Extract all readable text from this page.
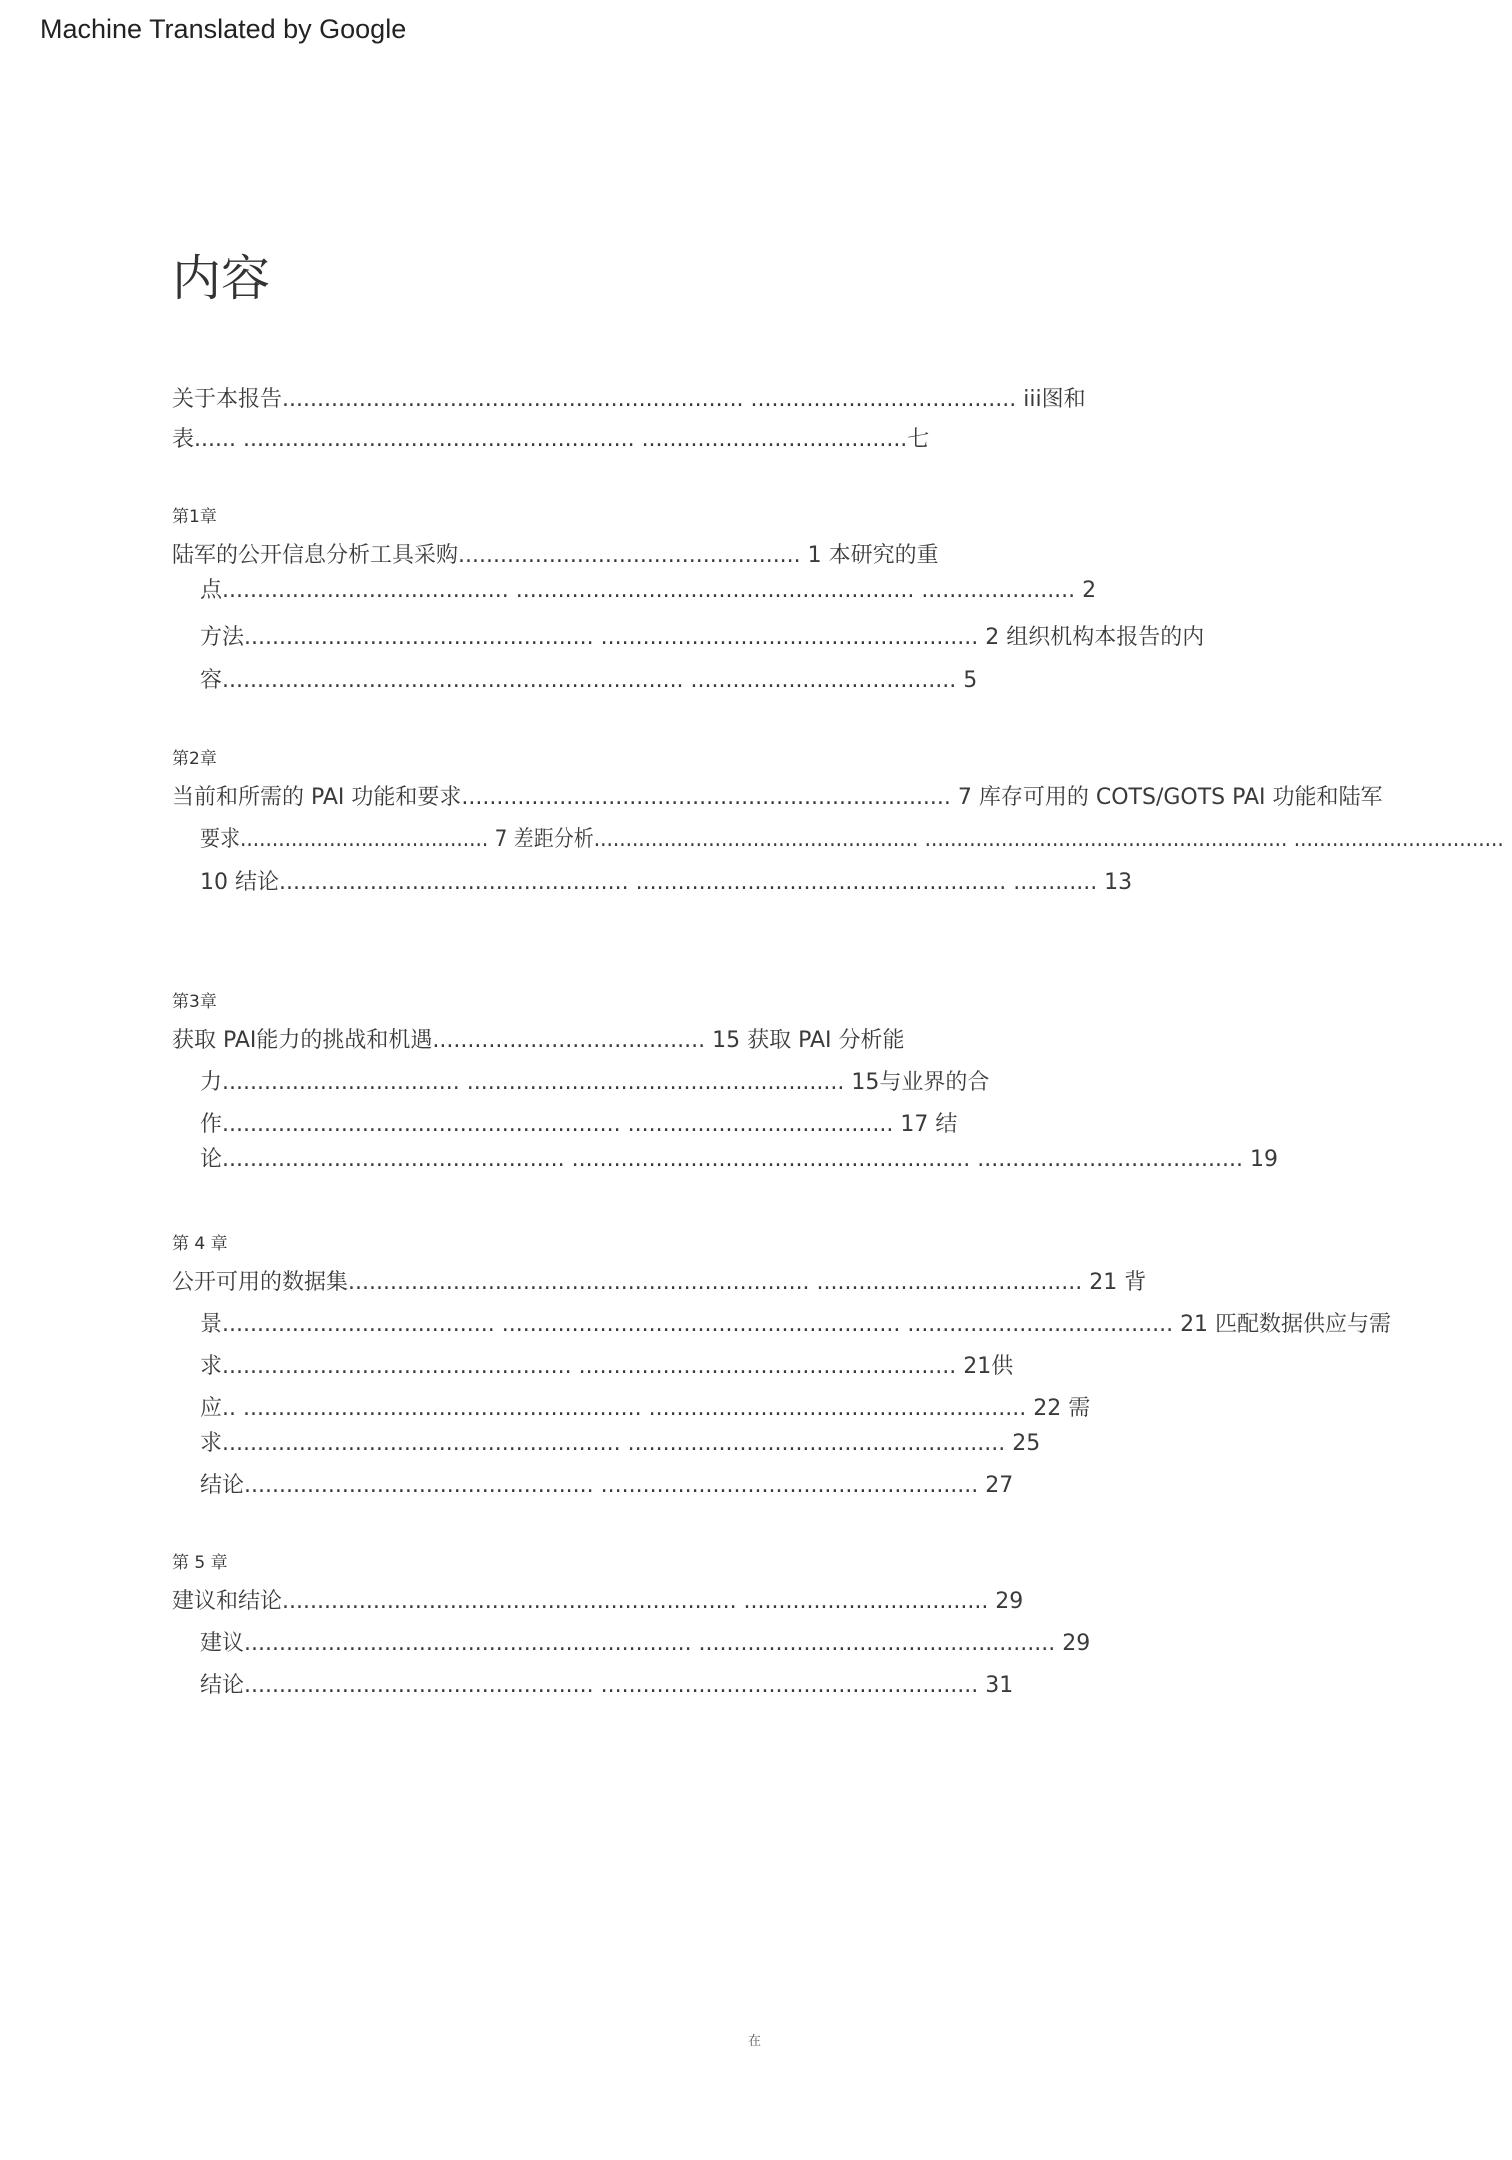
Machine Translated by Google
内容
关于本报告.................................................................. ...................................... iii图和
表...... ........................................................ ......................................七
第1章
陆军的公开信息分析工具采购................................................. 1 本研究的重
点......................................... ......................................................... ...................... 2
方法.................................................. ...................................................... 2 组织机构本报告的内
容.................................................................. ...................................... 5
第2章
当前和所需的 PAI 功能和要求...................................................................... 7 库存可用的 COTS/GOTS PAI 功能和陆军
要求....................................... 7 差距分析................................................... ......................................................... .................................
10 结论.................................................. ..................................................... ............ 13
第3章
获取 PAI能力的挑战和机遇....................................... 15 获取 PAI 分析能
力.................................. ...................................................... 15与业界的合
作......................................................... ...................................... 17 结
论................................................. ......................................................... ...................................... 19
第 4 章
公开可用的数据集.................................................................. ...................................... 21 背
景....................................... ......................................................... ...................................... 21 匹配数据供应与需
求.................................................. ...................................................... 21供
应.. ......................................................... ...................................................... 22 需
求......................................................... ...................................................... 25
结论.................................................. ...................................................... 27
第 5 章
建议和结论................................................................. ................................... 29
建议................................................................ ................................................... 29
结论.................................................. ...................................................... 31
在
